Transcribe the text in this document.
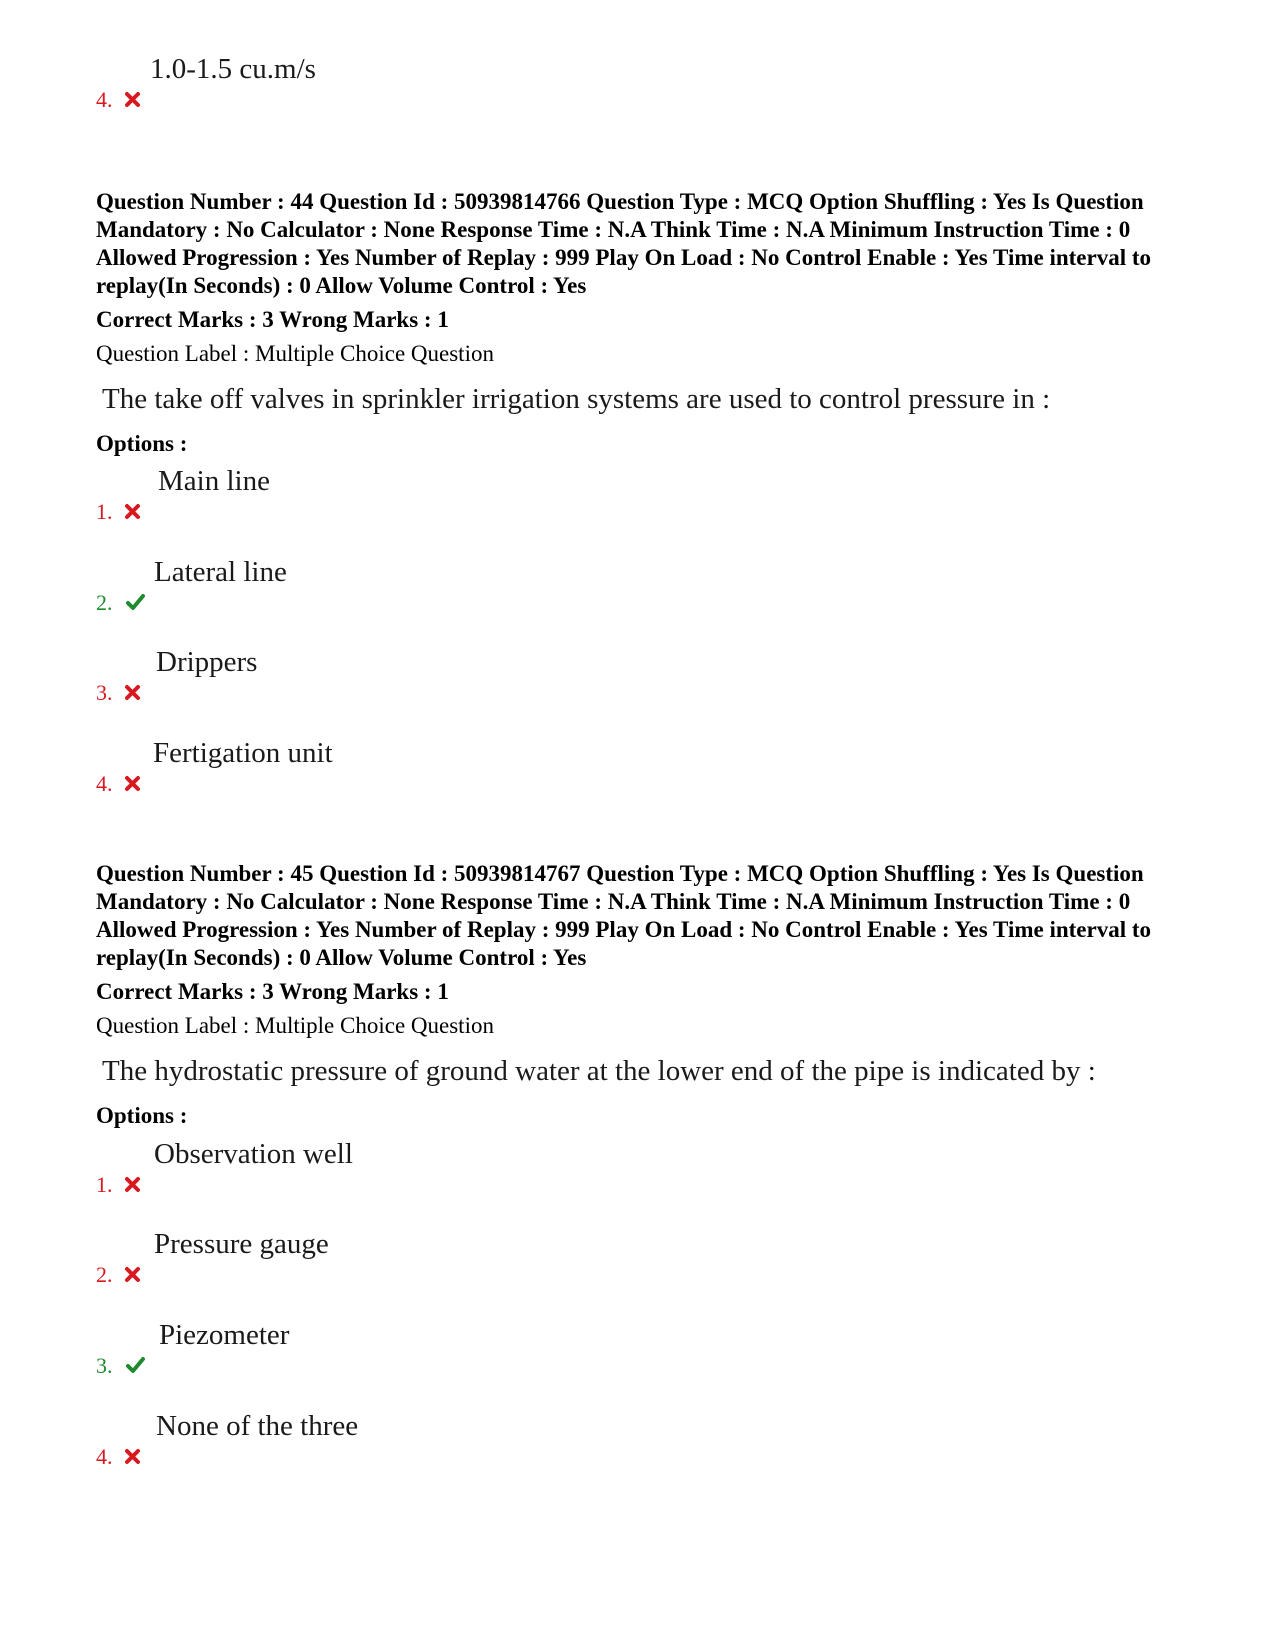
4.
1.0-1.5 cu.m/s

Question Number : 44 Question Id : 50939814766 Question Type : MCQ Option Shuffling : Yes Is Question Mandatory : No Calculator : None Response Time : N.A Think Time : N.A Minimum Instruction Time : 0 Allowed Progression : Yes Number of Replay : 999 Play On Load : No Control Enable : Yes Time interval to replay(In Seconds) : 0 Allow Volume Control : Yes

Correct Marks : 3 Wrong Marks : 1
Question Label : Multiple Choice Question
The take off valves in sprinkler irrigation systems are used to control pressure in :
Options :
1.
Main line
2.
Lateral line
3.
Drippers
4.
Fertigation unit

Question Number : 45 Question Id : 50939814767 Question Type : MCQ Option Shuffling : Yes Is Question Mandatory : No Calculator : None Response Time : N.A Think Time : N.A Minimum Instruction Time : 0 Allowed Progression : Yes Number of Replay : 999 Play On Load : No Control Enable : Yes Time interval to replay(In Seconds) : 0 Allow Volume Control : Yes

Correct Marks : 3 Wrong Marks : 1
Question Label : Multiple Choice Question
The hydrostatic pressure of ground water at the lower end of the pipe is indicated by :
Options :
1.
Observation well
2.
Pressure gauge
3.
Piezometer
4.
None of the three
